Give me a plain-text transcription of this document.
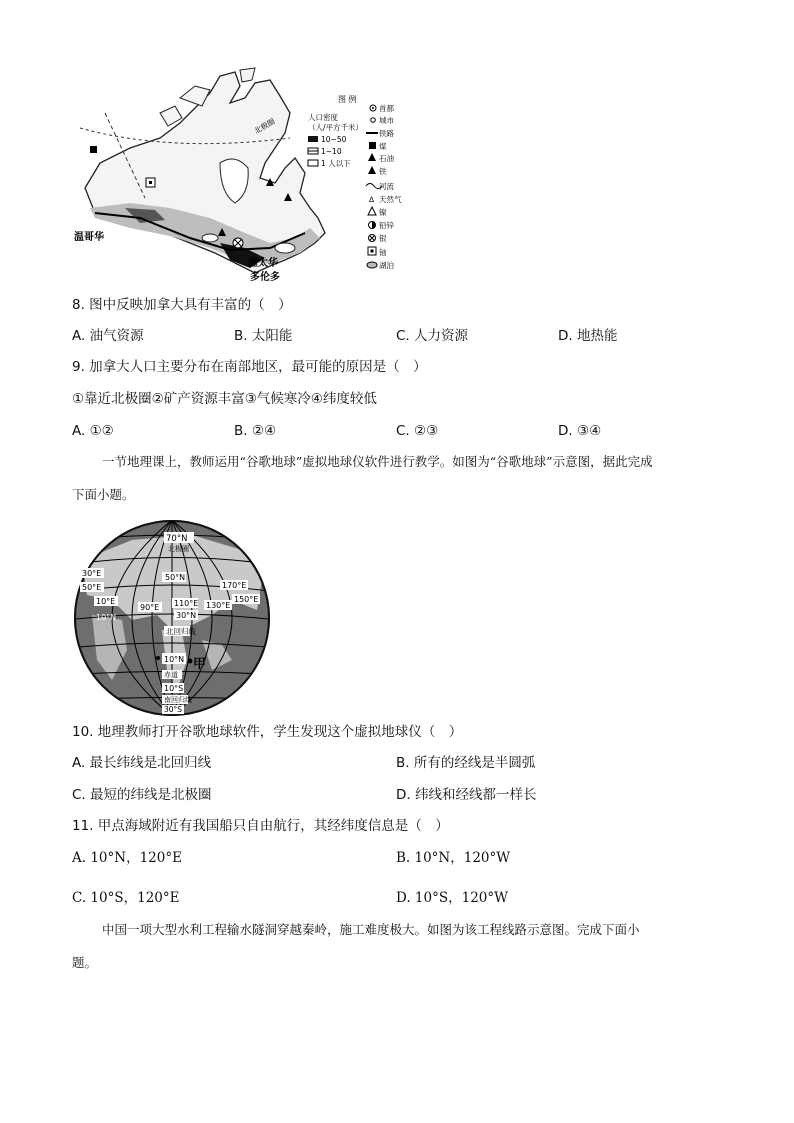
图 例
人口密度
（人/平方千米）
10~50
1~10
1 人以下
首都
城市
铁路
煤
石油
铁
河流
∆ 天然气
镍
铅锌
银
铀
湖泊
北极圈
温哥华
渥太华
多伦多
8. 图中反映加拿大具有丰富的（　）
A. 油气资源	B. 太阳能	C. 人力资源	D. 地热能
9. 加拿大人口主要分布在南部地区，最可能的原因是（　）
①靠近北极圈②矿产资源丰富③气候寒冷④纬度较低
A. ①②	B. ②④	C. ②③	D. ③④
一节地理课上，教师运用“谷歌地球”虚拟地球仪软件进行教学。如图为“谷歌地球”示意图，据此完成
下面小题。
70°N
北极圈
50°N
30°E
50°E	170°E
150°E
90°E 110°E 130°E
30°N
北回归线
10°N 甲
赤道
10°S
南回归线
30°S
10°E
10°N
10. 地理教师打开谷歌地球软件，学生发现这个虚拟地球仪（　）
A. 最长纬线是北回归线	B. 所有的经线是半圆弧
C. 最短的纬线是北极圈	D. 纬线和经线都一样长
11. 甲点海域附近有我国船只自由航行，其经纬度信息是（　）
A. 10°N，120°E	B. 10°N，120°W
C. 10°S，120°E	D. 10°S，120°W
中国一项大型水利工程输水隧洞穿越秦岭，施工难度极大。如图为该工程线路示意图。完成下面小
题。
